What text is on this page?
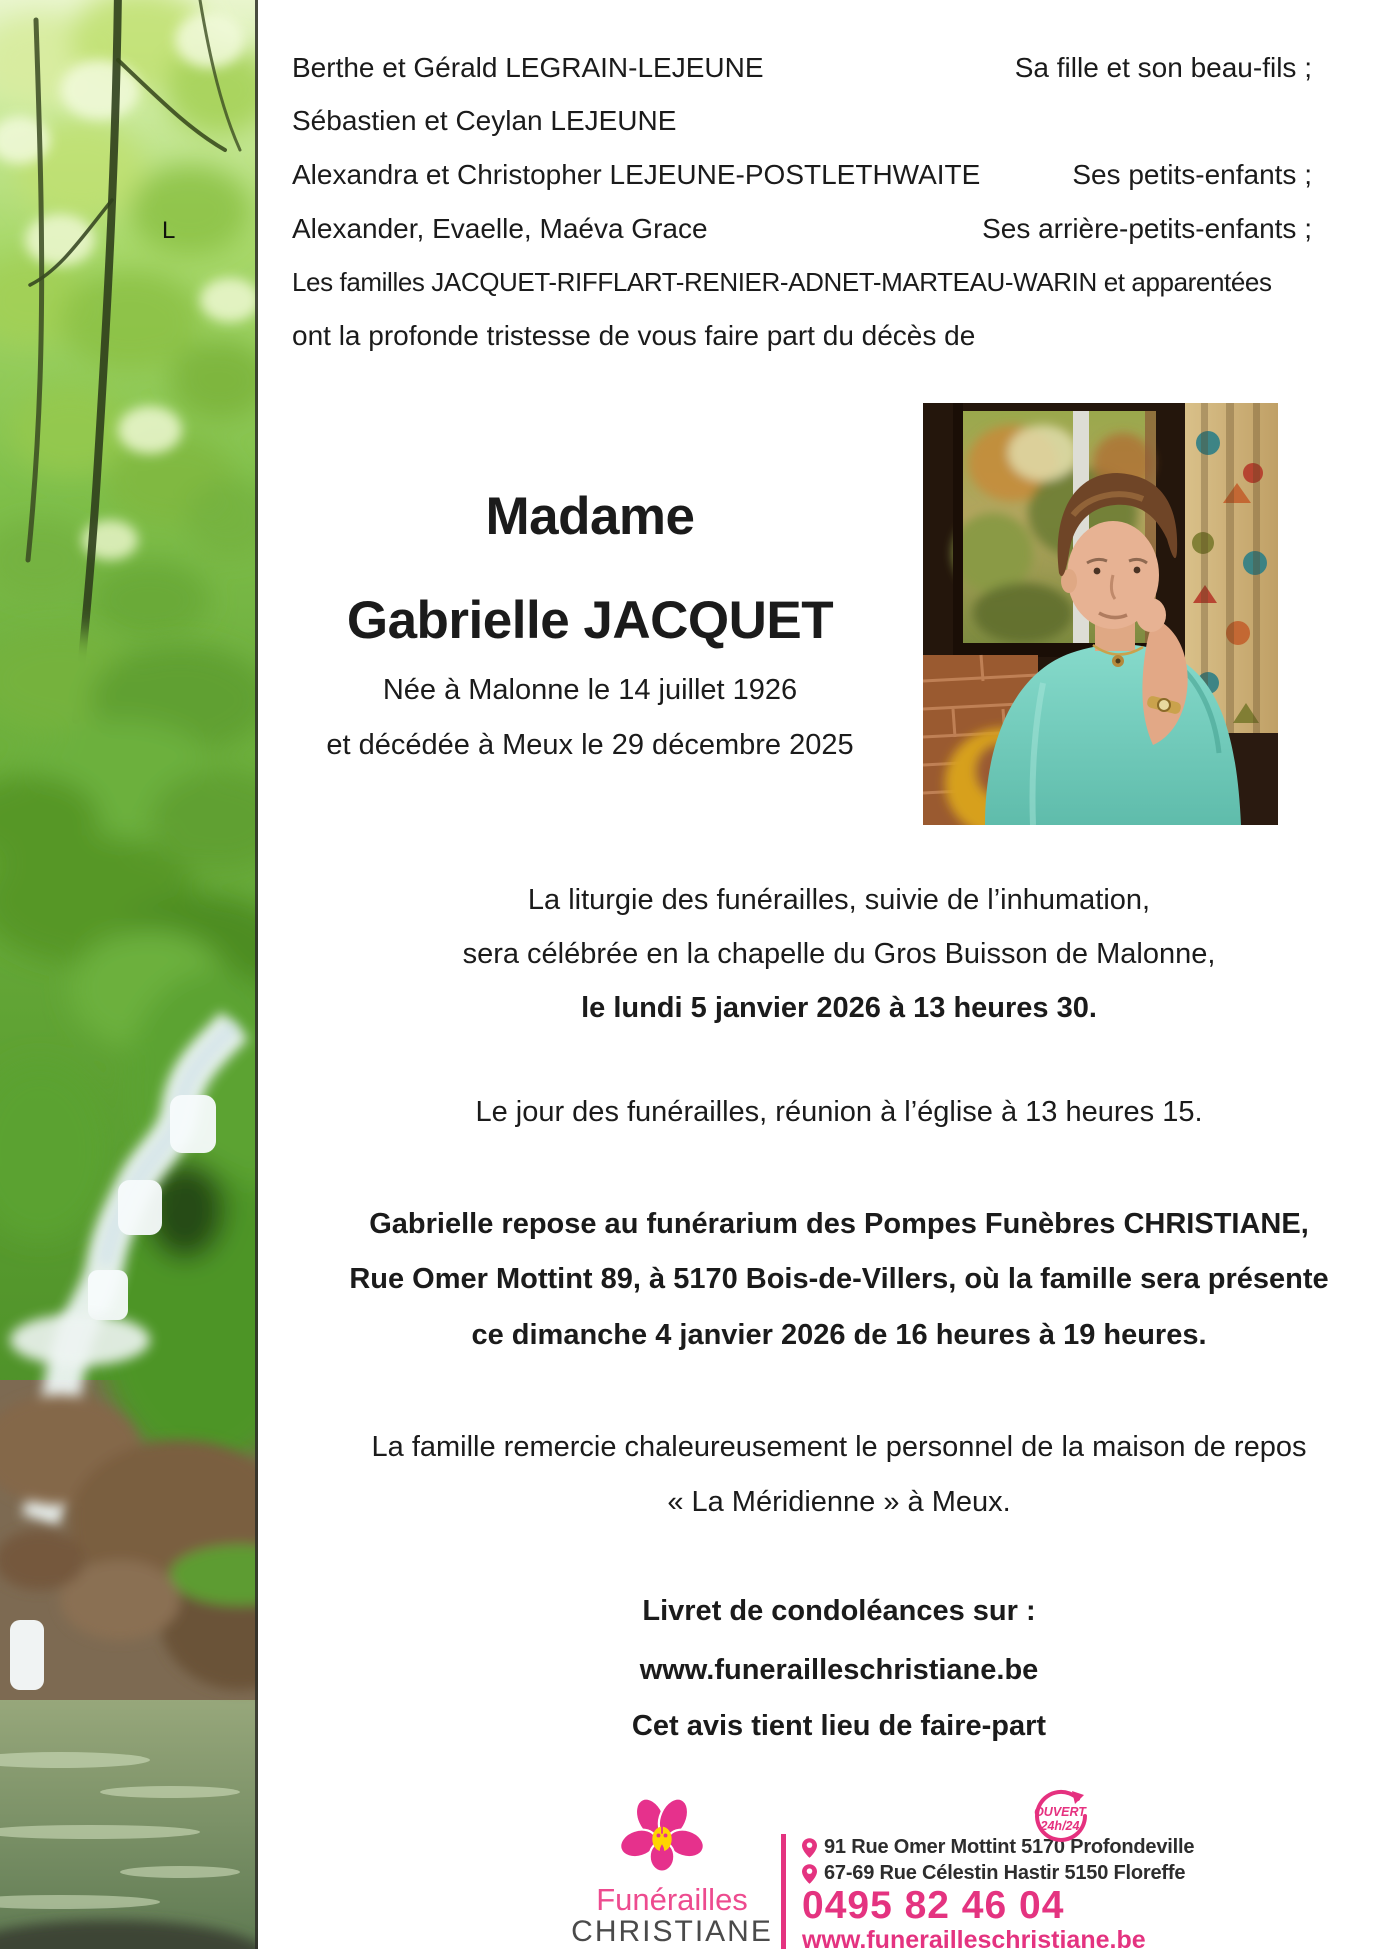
L
Berthe et Gérald LEGRAIN-LEJEUNE	Sa fille et son beau-fils ;
Sébastien et Ceylan LEJEUNE
Alexandra et Christopher LEJEUNE-POSTLETHWAITE	Ses petits-enfants ;
Alexander, Evaelle, Maéva Grace	Ses arrière-petits-enfants ;
Les familles JACQUET-RIFFLART-RENIER-ADNET-MARTEAU-WARIN et apparentées
ont la profonde tristesse de vous faire part du décès de
Madame
Gabrielle JACQUET
Née à Malonne le 14 juillet 1926
et décédée à Meux le 29 décembre 2025
La liturgie des funérailles, suivie de l’inhumation,
sera célébrée en la chapelle du Gros Buisson de Malonne,
le lundi 5 janvier 2026 à 13 heures 30.
Le jour des funérailles, réunion à l’église à 13 heures 15.
Gabrielle repose au funérarium des Pompes Funèbres CHRISTIANE,
Rue Omer Mottint 89, à 5170 Bois-de-Villers, où la famille sera présente
ce dimanche 4 janvier 2026 de 16 heures à 19 heures.
La famille remercie chaleureusement le personnel de la maison de repos
« La Méridienne » à Meux.
Livret de condoléances sur :
www.funerailleschristiane.be
Cet avis tient lieu de faire-part
Funérailles
CHRISTIANE
91 Rue Omer Mottint 5170 Profondeville
67-69 Rue Célestin Hastir 5150 Floreffe
0495 82 46 04
www.funerailleschristiane.be
OUVERT
24h/24
